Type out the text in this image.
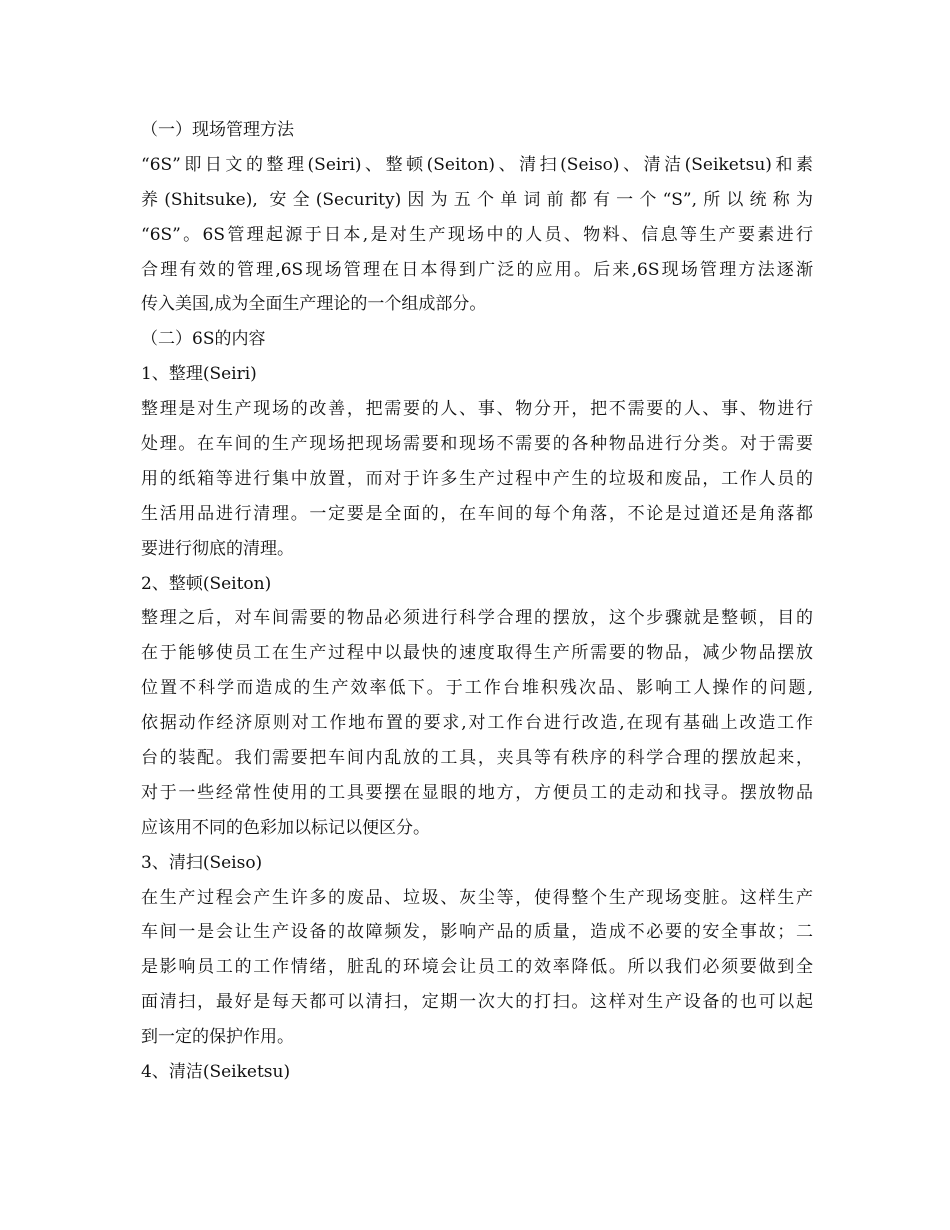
（一）现场管理方法
“6S”即日文的整理(Seiri)、整顿(Seiton)、清扫(Seiso)、清洁(Seiketsu)和素
养(Shitsuke), 安全(Security)因为五个单词前都有一个“S”,所以统称为
“6S”。6S管理起源于日本,是对生产现场中的人员、物料、信息等生产要素进行
合理有效的管理,6S现场管理在日本得到广泛的应用。后来,6S现场管理方法逐渐
传入美国,成为全面生产理论的一个组成部分。
（二）6S的内容
1、整理(Seiri)
整理是对生产现场的改善，把需要的人、事、物分开，把不需要的人、事、物进行
处理。在车间的生产现场把现场需要和现场不需要的各种物品进行分类。对于需要
用的纸箱等进行集中放置，而对于许多生产过程中产生的垃圾和废品，工作人员的
生活用品进行清理。一定要是全面的，在车间的每个角落，不论是过道还是角落都
要进行彻底的清理。
2、整顿(Seiton)
整理之后，对车间需要的物品必须进行科学合理的摆放，这个步骤就是整顿，目的
在于能够使员工在生产过程中以最快的速度取得生产所需要的物品，减少物品摆放
位置不科学而造成的生产效率低下。于工作台堆积残次品、影响工人操作的问题,
依据动作经济原则对工作地布置的要求,对工作台进行改造,在现有基础上改造工作
台的装配。我们需要把车间内乱放的工具，夹具等有秩序的科学合理的摆放起来，
对于一些经常性使用的工具要摆在显眼的地方，方便员工的走动和找寻。摆放物品
应该用不同的色彩加以标记以便区分。
3、清扫(Seiso)
在生产过程会产生许多的废品、垃圾、灰尘等，使得整个生产现场变脏。这样生产
车间一是会让生产设备的故障频发，影响产品的质量，造成不必要的安全事故；二
是影响员工的工作情绪，脏乱的环境会让员工的效率降低。所以我们必须要做到全
面清扫，最好是每天都可以清扫，定期一次大的打扫。这样对生产设备的也可以起
到一定的保护作用。
4、清洁(Seiketsu)
